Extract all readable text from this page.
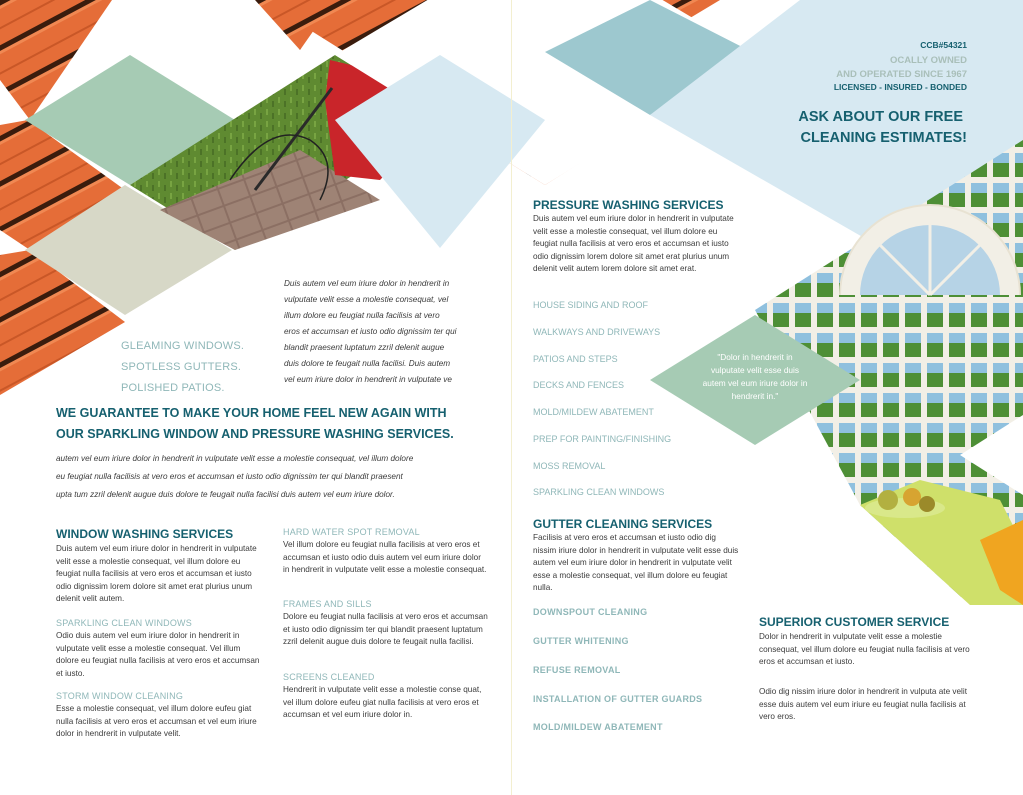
CCB#54321
OCALLY OWNED
AND OPERATED SINCE 1967
LICENSED - INSURED - BONDED
ASK ABOUT OUR FREE
CLEANING ESTIMATES!
GLEAMING WINDOWS.
SPOTLESS GUTTERS.
POLISHED PATIOS.
Duis autem vel eum iriure dolor in hendrerit in
vulputate velit esse a molestie consequat, vel
illum dolore eu feugiat nulla facilisis at vero
eros et accumsan et iusto odio dignissim ter qui
blandit praesent luptatum zzril delenit augue
duis dolore te feugait nulla facilisi. Duis autem
vel eum iriure dolor in hendrerit in vulputate ve
WE GUARANTEE TO MAKE YOUR HOME FEEL NEW AGAIN WITH
OUR SPARKLING WINDOW AND PRESSURE WASHING SERVICES.
autem vel eum iriure dolor in hendrerit in vulputate velit esse a molestie consequat, vel illum dolore
eu feugiat nulla facilisis at vero eros et accumsan et iusto odio dignissim ter qui blandit praesent
upta tum zzril delenit augue duis dolore te feugait nulla facilisi duis autem vel eum iriure dolor.
WINDOW WASHING SERVICES
Duis autem vel eum iriure dolor in hendrerit in vulputate velit esse a molestie consequat, vel illum dolore eu feugiat nulla facilisis at vero eros et accumsan et iusto odio dignissim lorem dolore sit amet erat plurius unum delenit velit autem.
SPARKLING CLEAN WINDOWS
Odio duis autem vel eum iriure dolor in hendrerit in vulputate velit esse a molestie consequat. Vel illum dolore eu feugiat nulla facilisis at vero eros et accumsan et iusto.
STORM WINDOW CLEANING
Esse a molestie consequat, vel illum dolore eufeu giat nulla facilisis at vero eros et accumsan et vel eum iriure dolor in hendrerit in vulputate velit.
HARD WATER SPOT REMOVAL
Vel illum dolore eu feugiat nulla facilisis at vero eros et accumsan et iusto odio duis autem vel eum iriure dolor in hendrerit in vulputate velit esse a molestie consequat.
FRAMES AND SILLS
Dolore eu feugiat nulla facilisis at vero eros et accumsan et iusto odio dignissim ter qui blandit praesent luptatum zzril delenit augue duis dolore te feugait nulla facilisi.
SCREENS CLEANED
Hendrerit in vulputate velit esse a molestie conse quat, vel illum dolore eufeu giat nulla facilisis at vero eros et accumsan et vel eum iriure dolor in.
PRESSURE WASHING SERVICES
Duis autem vel eum iriure dolor in hendrerit in vulputate velit esse a molestie consequat, vel illum dolore eu feugiat nulla facilisis at vero eros et accumsan et iusto odio dignissim lorem dolore sit amet erat plurius unum delenit velit autem lorem dolore sit amet erat.
HOUSE SIDING AND ROOF
WALKWAYS AND DRIVEWAYS
PATIOS AND STEPS
DECKS AND FENCES
MOLD/MILDEW ABATEMENT
PREP FOR PAINTING/FINISHING
MOSS REMOVAL
SPARKLING CLEAN WINDOWS
"Dolor in hendrerit in
vulputate velit esse duis
autem vel eum iriure dolor in
hendrerit in."
GUTTER CLEANING SERVICES
Facilisis at vero eros et accumsan et iusto odio dig nissim iriure dolor in hendrerit in vulputate velit esse duis autem vel eum iriure dolor in hendrerit in vulputate velit esse a molestie consequat, vel illum dolore eu feugiat nulla.
DOWNSPOUT CLEANING
GUTTER WHITENING
REFUSE REMOVAL
INSTALLATION OF GUTTER GUARDS
MOLD/MILDEW ABATEMENT
SUPERIOR CUSTOMER SERVICE
Dolor in hendrerit in vulputate velit esse a molestie consequat, vel illum dolore eu feugiat nulla facilisis at vero eros et accumsan et iusto.
Odio dig nissim iriure dolor in hendrerit in vulputa ate velit esse duis autem vel eum iriure eu feugiat nulla facilisis at vero eros.
